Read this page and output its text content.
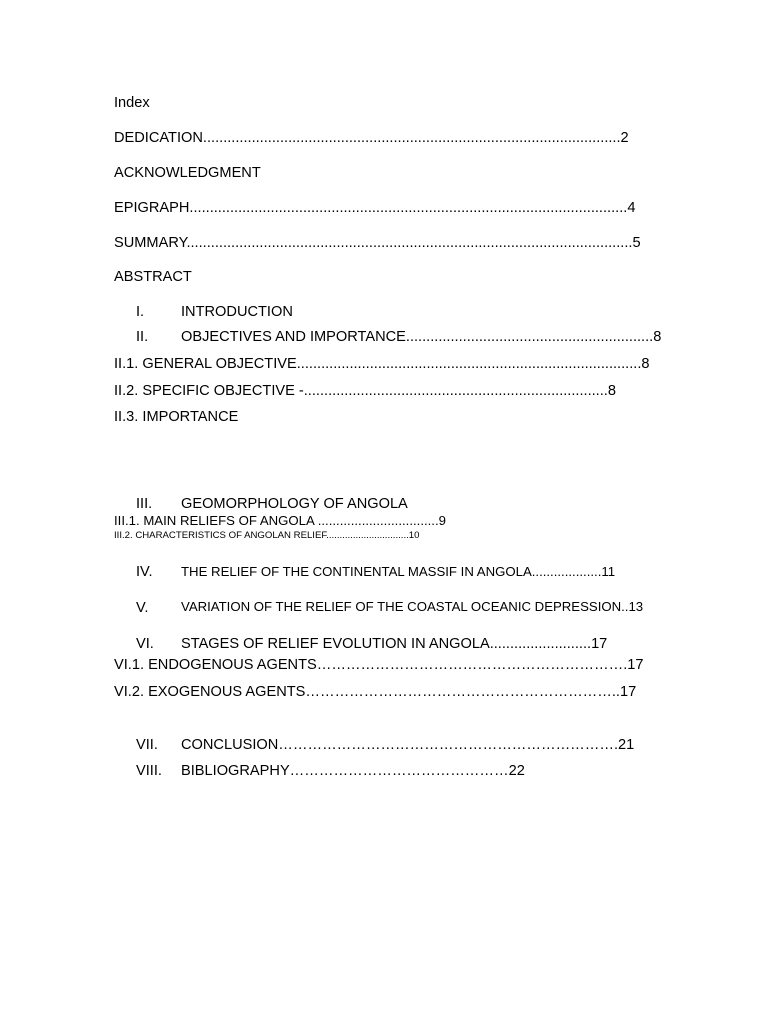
Index
DEDICATION.......................................................................................................2
ACKNOWLEDGMENT
EPIGRAPH............................................................................................................4
SUMMARY..............................................................................................................5
ABSTRACT
I.	INTRODUCTION
II. OBJECTIVES AND IMPORTANCE.............................................................8
II.1. GENERAL OBJECTIVE.....................................................................................8
II.2. SPECIFIC OBJECTIVE -...........................................................................8
II.3. IMPORTANCE
III. GEOMORPHOLOGY OF ANGOLA
III.1. MAIN RELIEFS OF ANGOLA .................................9
III.2. CHARACTERISTICS OF ANGOLAN RELIEF...............................10
IV. THE RELIEF OF THE CONTINENTAL MASSIF IN ANGOLA...................11
V. VARIATION OF THE RELIEF OF THE COASTAL OCEANIC DEPRESSION..13
VI. STAGES OF RELIEF EVOLUTION IN ANGOLA.........................17
VI.1. ENDOGENOUS AGENTS……………………………………………………….17
VI.2. EXOGENOUS AGENTS………………………………………………………..17
VII. CONCLUSION…………………………………………………………….21
VIII. BIBLIOGRAPHY………………………………………22
